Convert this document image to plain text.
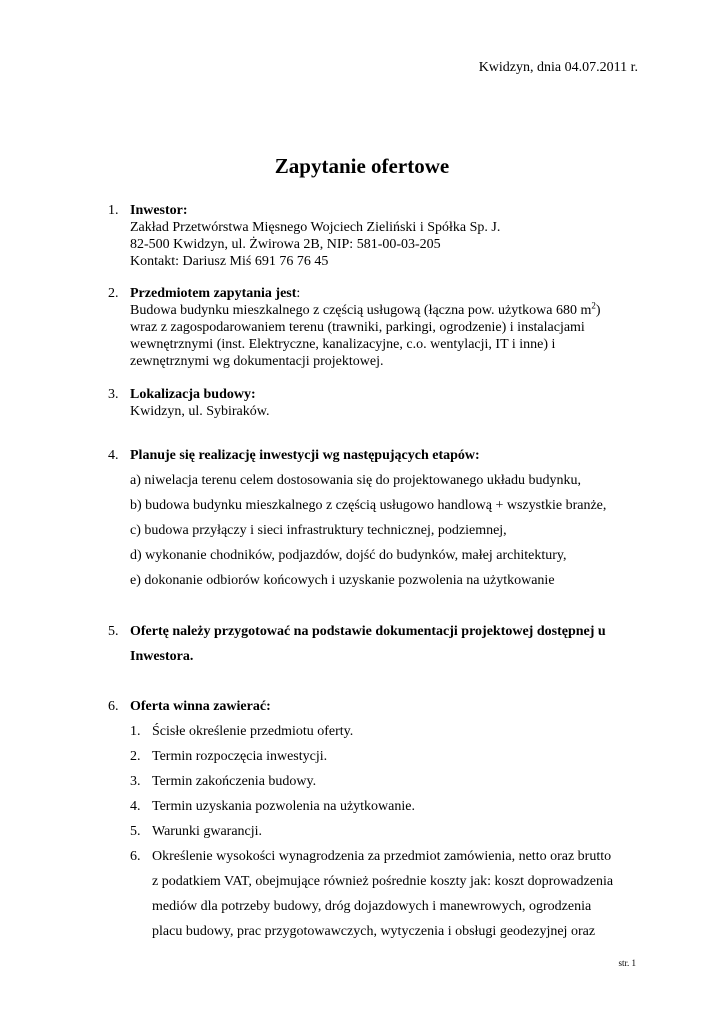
Kwidzyn, dnia 04.07.2011 r.
Zapytanie ofertowe
1. Inwestor:
Zakład Przetwórstwa Mięsnego Wojciech Zieliński i Spółka Sp. J.
82-500 Kwidzyn, ul. Żwirowa 2B, NIP: 581-00-03-205
Kontakt: Dariusz Miś 691 76 76 45
2. Przedmiotem zapytania jest:
Budowa budynku mieszkalnego z częścią usługową (łączna pow. użytkowa 680 $m^2$)
wraz z zagospodarowaniem terenu (trawniki, parkingi, ogrodzenie) i instalacjami
wewnętrznymi (inst. Elektryczne, kanalizacyjne, c.o. wentylacji, IT i inne) i
zewnętrznymi wg dokumentacji projektowej.
3. Lokalizacja budowy:
Kwidzyn, ul. Sybiraków.
4. Planuje się realizację inwestycji wg następujących etapów:
a) niwelacja terenu celem dostosowania się do projektowanego układu budynku,
b) budowa budynku mieszkalnego z częścią usługowo handlową + wszystkie branże,
c) budowa przyłączy i sieci infrastruktury technicznej, podziemnej,
d) wykonanie chodników, podjazdów, dojść do budynków, małej architektury,
e) dokonanie odbiorów końcowych i uzyskanie pozwolenia na użytkowanie
5. Ofertę należy przygotować na podstawie dokumentacji projektowej dostępnej u
Inwestora.
6. Oferta winna zawierać:
1. Ścisłe określenie przedmiotu oferty.
2. Termin rozpoczęcia inwestycji.
3. Termin zakończenia budowy.
4. Termin uzyskania pozwolenia na użytkowanie.
5. Warunki gwarancji.
6. Określenie wysokości wynagrodzenia za przedmiot zamówienia, netto oraz brutto
z podatkiem VAT, obejmujące również pośrednie koszty jak: koszt doprowadzenia
mediów dla potrzeby budowy, dróg dojazdowych i manewrowych, ogrodzenia
placu budowy, prac przygotowawczych, wytyczenia i obsługi geodezyjnej oraz
str. 1
